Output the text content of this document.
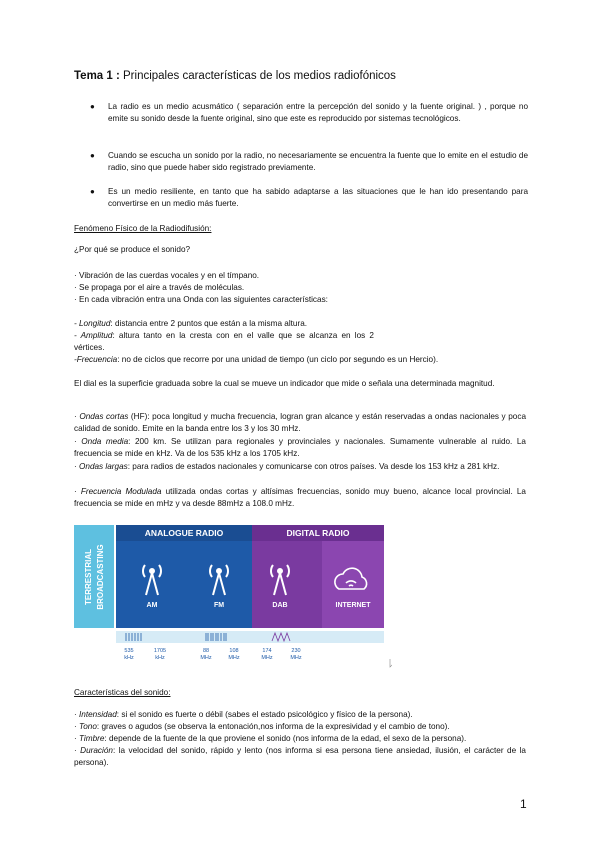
Tema 1 : Principales características de los medios radiofónicos
● La radio es un medio acusmático ( separación entre la percepción del sonido y la fuente original. ) , porque no emite su sonido desde la fuente original, sino que este es reproducido por sistemas tecnológicos.
● Cuando se escucha un sonido por la radio, no necesariamente se encuentra la fuente que lo emite en el estudio de radio, sino que puede haber sido registrado previamente.
● Es un medio resiliente, en tanto que ha sabido adaptarse a las situaciones que le han ido presentando para convertirse en un medio más fuerte.
Fenómeno Físico de la Radiodifusión:
¿Por qué se produce el sonido?
· Vibración de las cuerdas vocales y en el tímpano.
· Se propaga por el aire a través de moléculas.
· En cada vibración entra una Onda con las siguientes características:
- Longitud: distancia entre 2 puntos que están a la misma altura.
- Amplitud: altura tanto en la cresta con en el valle que se alcanza en los 2 vértices.
-Frecuencia: no de ciclos que recorre por una unidad de tiempo (un ciclo por segundo es un Hercio).
El dial es la superficie graduada sobre la cual se mueve un indicador que mide o señala una determinada magnitud.
· Ondas cortas (HF): poca longitud y mucha frecuencia, logran gran alcance y están reservadas a ondas nacionales y poca calidad de sonido. Emite en la banda entre los 3 y los 30 mHz.
· Onda media: 200 km. Se utilizan para regionales y provinciales y nacionales. Sumamente vulnerable al ruido. La frecuencia se mide en kHz. Va de los 535 kHz a los 1705 kHz.
· Ondas largas: para radios de estados nacionales y comunicarse con otros países. Va desde los 153 kHz a 281 kHz.
· Frecuencia Modulada utilizada ondas cortas y altísimas frecuencias, sonido muy bueno, alcance local provincial. La frecuencia se mide en mHz y va desde 88mHz a 108.0 mHz.
TERRESTRIAL BROADCASTING
ANALOGUE RADIO	DIGITAL RADIO
AM	FM	DAB	INTERNET
535
kHz
1705
kHz
88
MHz
108
MHz
174
MHz
230
MHz
Características del sonido:
· Intensidad: si el sonido es fuerte o débil (sabes el estado psicológico y físico de la persona).
· Tono: graves o agudos (se observa la entonación,nos informa de la expresividad y el cambio de tono).
· Timbre: depende de la fuente de la que proviene el sonido (nos informa de la edad, el sexo de la persona).
· Duración: la velocidad del sonido, rápido y lento (nos informa si esa persona tiene ansiedad, ilusión, el carácter de la persona).
1
